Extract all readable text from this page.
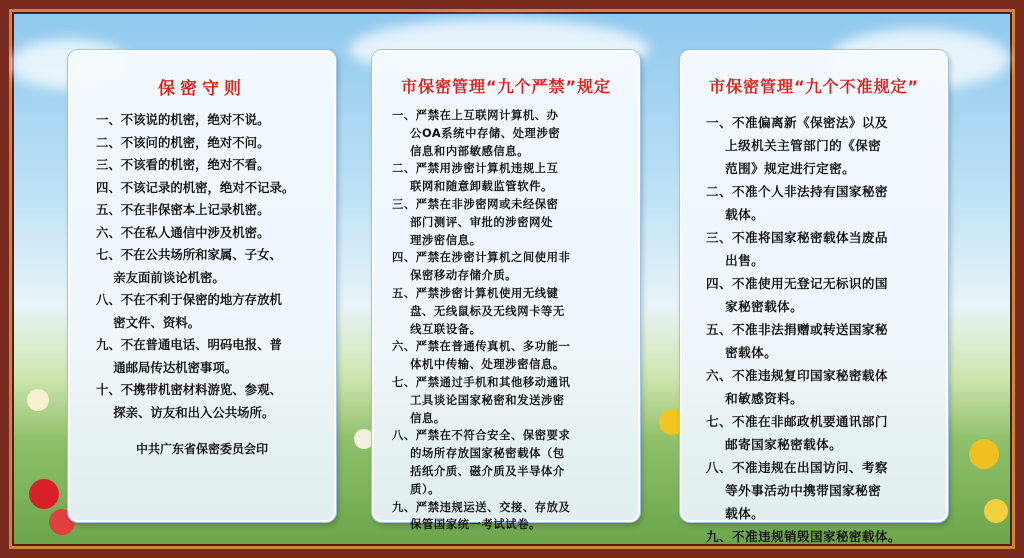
保密守则
一、不该说的机密，绝对不说。
二、不该问的机密，绝对不问。
三、不该看的机密，绝对不看。
四、不该记录的机密，绝对不记录。
五、不在非保密本上记录机密。
六、不在私人通信中涉及机密。
七、不在公共场所和家属、子女、
亲友面前谈论机密。
八、不在不利于保密的地方存放机
密文件、资料。
九、不在普通电话、明码电报、普
通邮局传达机密事项。
十、不携带机密材料游览、参观、
探亲、访友和出入公共场所。
中共广东省保密委员会印
市保密管理“九个严禁”规定
一、严禁在上互联网计算机、办
公OA系统中存储、处理涉密
信息和内部敏感信息。
二、严禁用涉密计算机违规上互
联网和随意卸载监管软件。
三、严禁在非涉密网或未经保密
部门测评、审批的涉密网处
理涉密信息。
四、严禁在涉密计算机之间使用非
保密移动存储介质。
五、严禁涉密计算机使用无线键
盘、无线鼠标及无线网卡等无
线互联设备。
六、严禁在普通传真机、多功能一
体机中传输、处理涉密信息。
七、严禁通过手机和其他移动通讯
工具谈论国家秘密和发送涉密
信息。
八、严禁在不符合安全、保密要求
的场所存放国家秘密载体（包
括纸介质、磁介质及半导体介
质）。
九、严禁违规运送、交接、存放及
保管国家统一考试试卷。
市保密管理“九个不准规定”
一、不准偏离新《保密法》以及
上级机关主管部门的《保密
范围》规定进行定密。
二、不准个人非法持有国家秘密
载体。
三、不准将国家秘密载体当废品
出售。
四、不准使用无登记无标识的国
家秘密载体。
五、不准非法捐赠或转送国家秘
密载体。
六、不准违规复印国家秘密载体
和敏感资料。
七、不准在非邮政机要通讯部门
邮寄国家秘密载体。
八、不准违规在出国访问、考察
等外事活动中携带国家秘密
载体。
九、不准违规销毁国家秘密载体。
